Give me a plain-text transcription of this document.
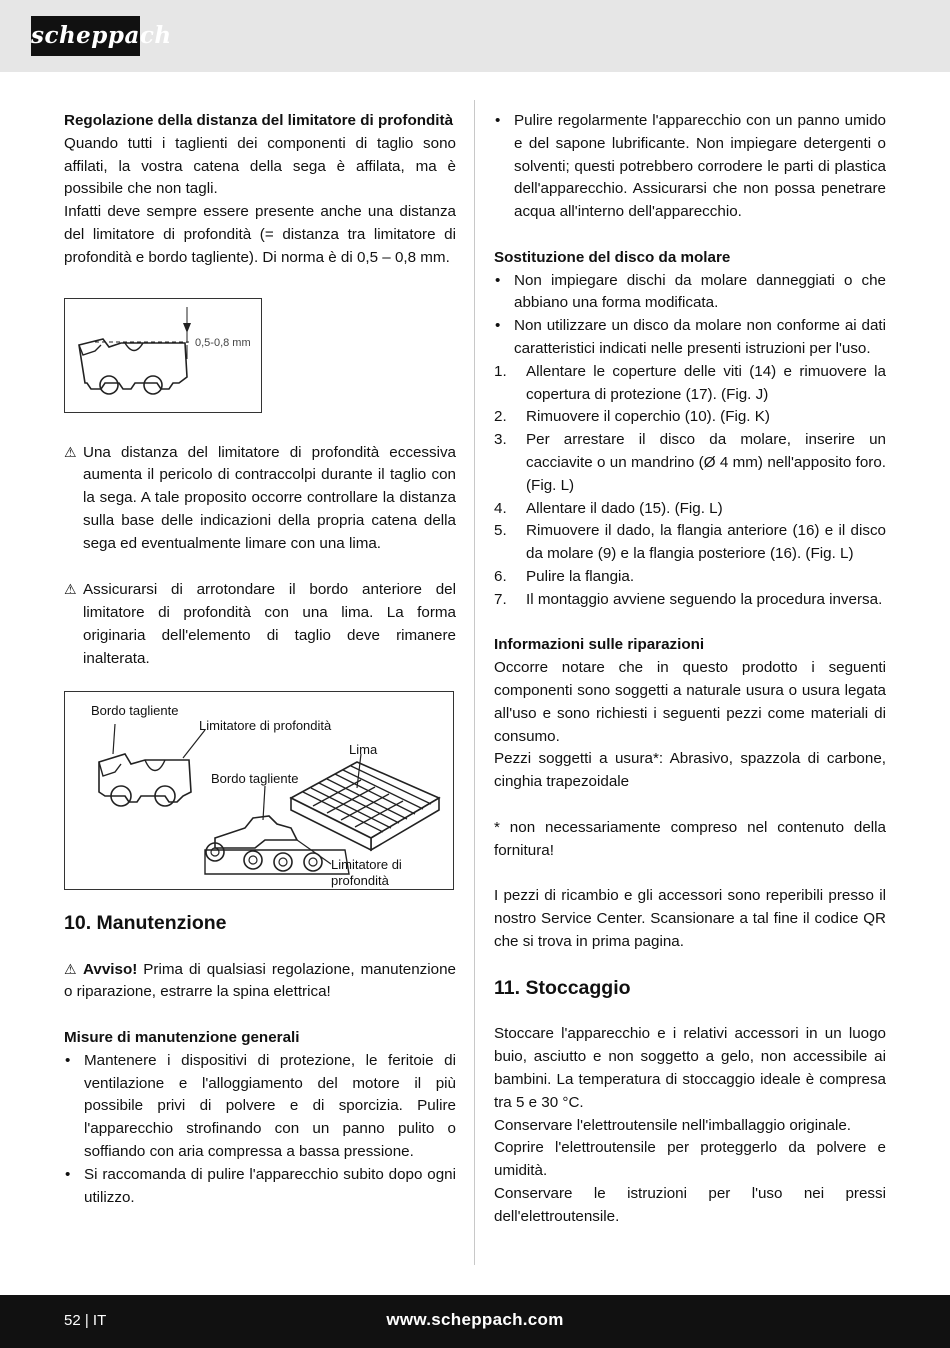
scheppach

Regolazione della distanza del limitatore di profondità

Quando tutti i taglienti dei componenti di taglio sono affilati, la vostra catena della sega è affilata, ma è possibile che non tagli.

Infatti deve sempre essere presente anche una distanza del limitatore di profondità (= distanza tra limitatore di profondità e bordo tagliente). Di norma è di 0,5 – 0,8 mm.

0,5-0,8 mm

⚠ Una distanza del limitatore di profondità eccessiva aumenta il pericolo di contraccolpi durante il taglio con la sega. A tale proposito occorre controllare la distanza sulla base delle indicazioni della propria catena della sega ed eventualmente limare con una lima.

⚠ Assicurarsi di arrotondare il bordo anteriore del limitatore di profondità con una lima. La forma originaria dell'elemento di taglio deve rimanere inalterata.

Bordo tagliente
Limitatore di profondità
Lima
Bordo tagliente
Limitatore di
profondità

10. Manutenzione

⚠ Avviso! Prima di qualsiasi regolazione, manutenzione o riparazione, estrarre la spina elettrica!

Misure di manutenzione generali

• Mantenere i dispositivi di protezione, le feritoie di ventilazione e l'alloggiamento del motore il più possibile privi di polvere e di sporcizia. Pulire l'apparecchio strofinando con un panno pulito o soffiando con aria compressa a bassa pressione.
• Si raccomanda di pulire l'apparecchio subito dopo ogni utilizzo.
• Pulire regolarmente l'apparecchio con un panno umido e del sapone lubrificante. Non impiegare detergenti o solventi; questi potrebbero corrodere le parti di plastica dell'apparecchio. Assicurarsi che non possa penetrare acqua all'interno dell'apparecchio.

Sostituzione del disco da molare

• Non impiegare dischi da molare danneggiati o che abbiano una forma modificata.
• Non utilizzare un disco da molare non conforme ai dati caratteristici indicati nelle presenti istruzioni per l'uso.
1. Allentare le coperture delle viti (14) e rimuovere la copertura di protezione (17). (Fig. J)
2. Rimuovere il coperchio (10). (Fig. K)
3. Per arrestare il disco da molare, inserire un cacciavite o un mandrino (Ø 4 mm) nell'apposito foro. (Fig. L)
4. Allentare il dado (15). (Fig. L)
5. Rimuovere il dado, la flangia anteriore (16) e il disco da molare (9) e la flangia posteriore (16). (Fig. L)
6. Pulire la flangia.
7. Il montaggio avviene seguendo la procedura inversa.

Informazioni sulle riparazioni

Occorre notare che in questo prodotto i seguenti componenti sono soggetti a naturale usura o usura legata all'uso e sono richiesti i seguenti pezzi come materiali di consumo.

Pezzi soggetti a usura*: Abrasivo, spazzola di carbone, cinghia trapezoidale

* non necessariamente compreso nel contenuto della fornitura!

I pezzi di ricambio e gli accessori sono reperibili presso il nostro Service Center. Scansionare a tal fine il codice QR che si trova in prima pagina.

11. Stoccaggio

Stoccare l'apparecchio e i relativi accessori in un luogo buio, asciutto e non soggetto a gelo, non accessibile ai bambini. La temperatura di stoccaggio ideale è compresa tra 5 e 30 °C.

Conservare l'elettroutensile nell'imballaggio originale.

Coprire l'elettroutensile per proteggerlo da polvere e umidità.

Conservare le istruzioni per l'uso nei pressi dell'elettroutensile.

www.scheppach.com
52 | IT
